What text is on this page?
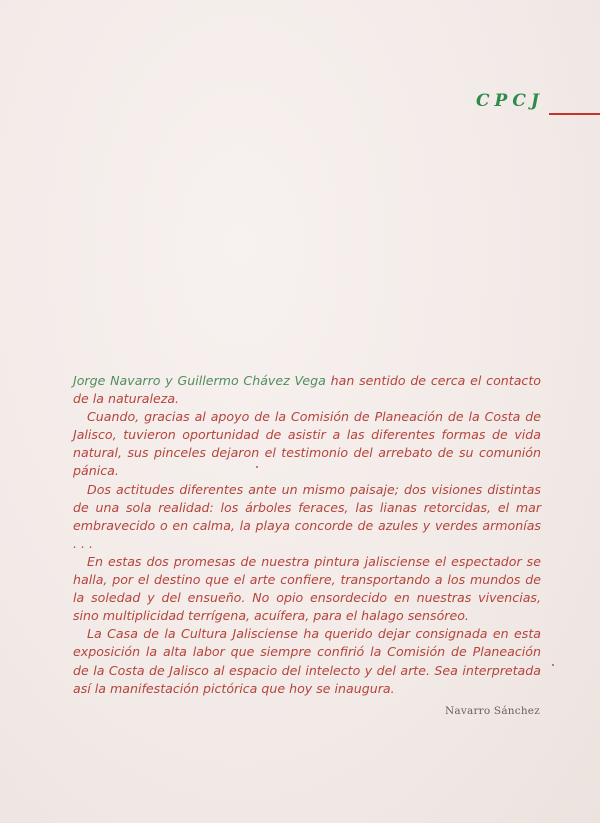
CPCJ

Jorge Navarro y Guillermo Chávez Vega han sentido de cerca el contacto de la naturaleza.

Cuando, gracias al apoyo de la Comisión de Planeación de la Costa de Jalisco, tuvieron oportunidad de asistir a las diferentes formas de vida natural, sus pinceles dejaron el testimonio del arrebato de su comunión pánica.

Dos actitudes diferentes ante un mismo paisaje; dos visiones distintas de una sola realidad: los árboles feraces, las lianas retorcidas, el mar embravecido o en calma, la playa concorde de azules y verdes armonías . . .

En estas dos promesas de nuestra pintura jalisciense el espectador se halla, por el destino que el arte confiere, transportando a los mundos de la soledad y del ensueño. No opio ensordecido en nuestras vivencias, sino multiplicidad terrígena, acuífera, para el halago sensóreo.

La Casa de la Cultura Jalisciense ha querido dejar consignada en esta exposición la alta labor que siempre confirió la Comisión de Planeación de la Costa de Jalisco al espacio del intelecto y del arte. Sea interpretada así la manifestación pictórica que hoy se inaugura.

Navarro Sánchez
